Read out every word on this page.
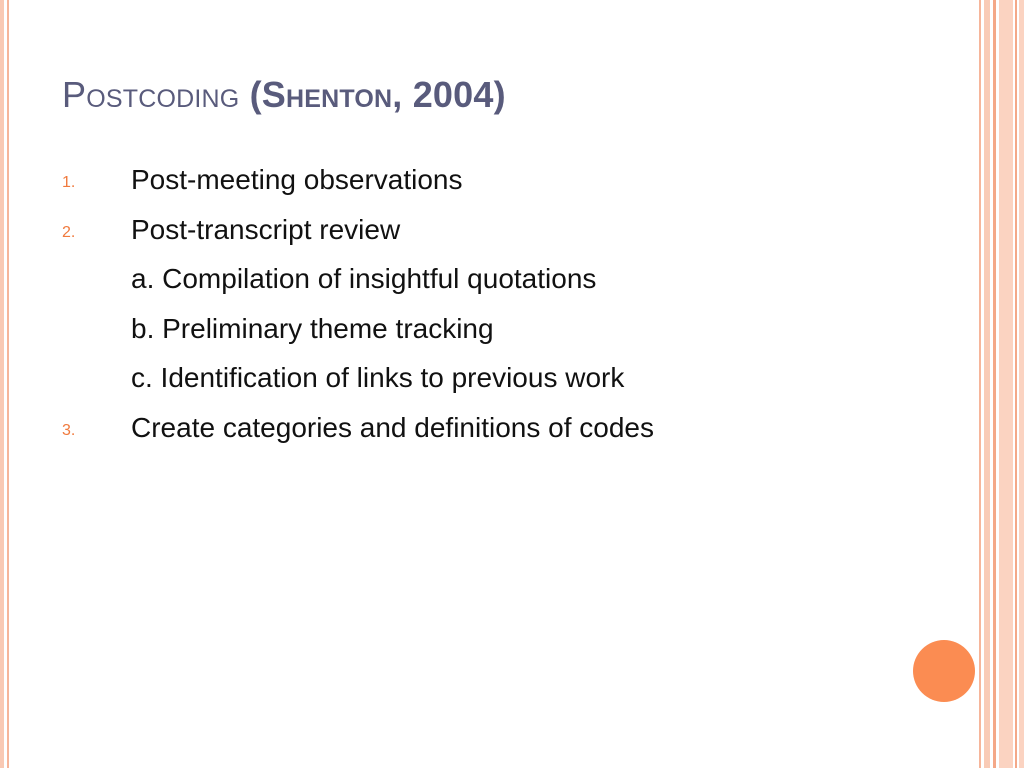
Postcoding (Shenton, 2004)
1. Post-meeting observations
2. Post-transcript review
a. Compilation of insightful quotations
b. Preliminary theme tracking
c. Identification of links to previous work
3. Create categories and definitions of codes
